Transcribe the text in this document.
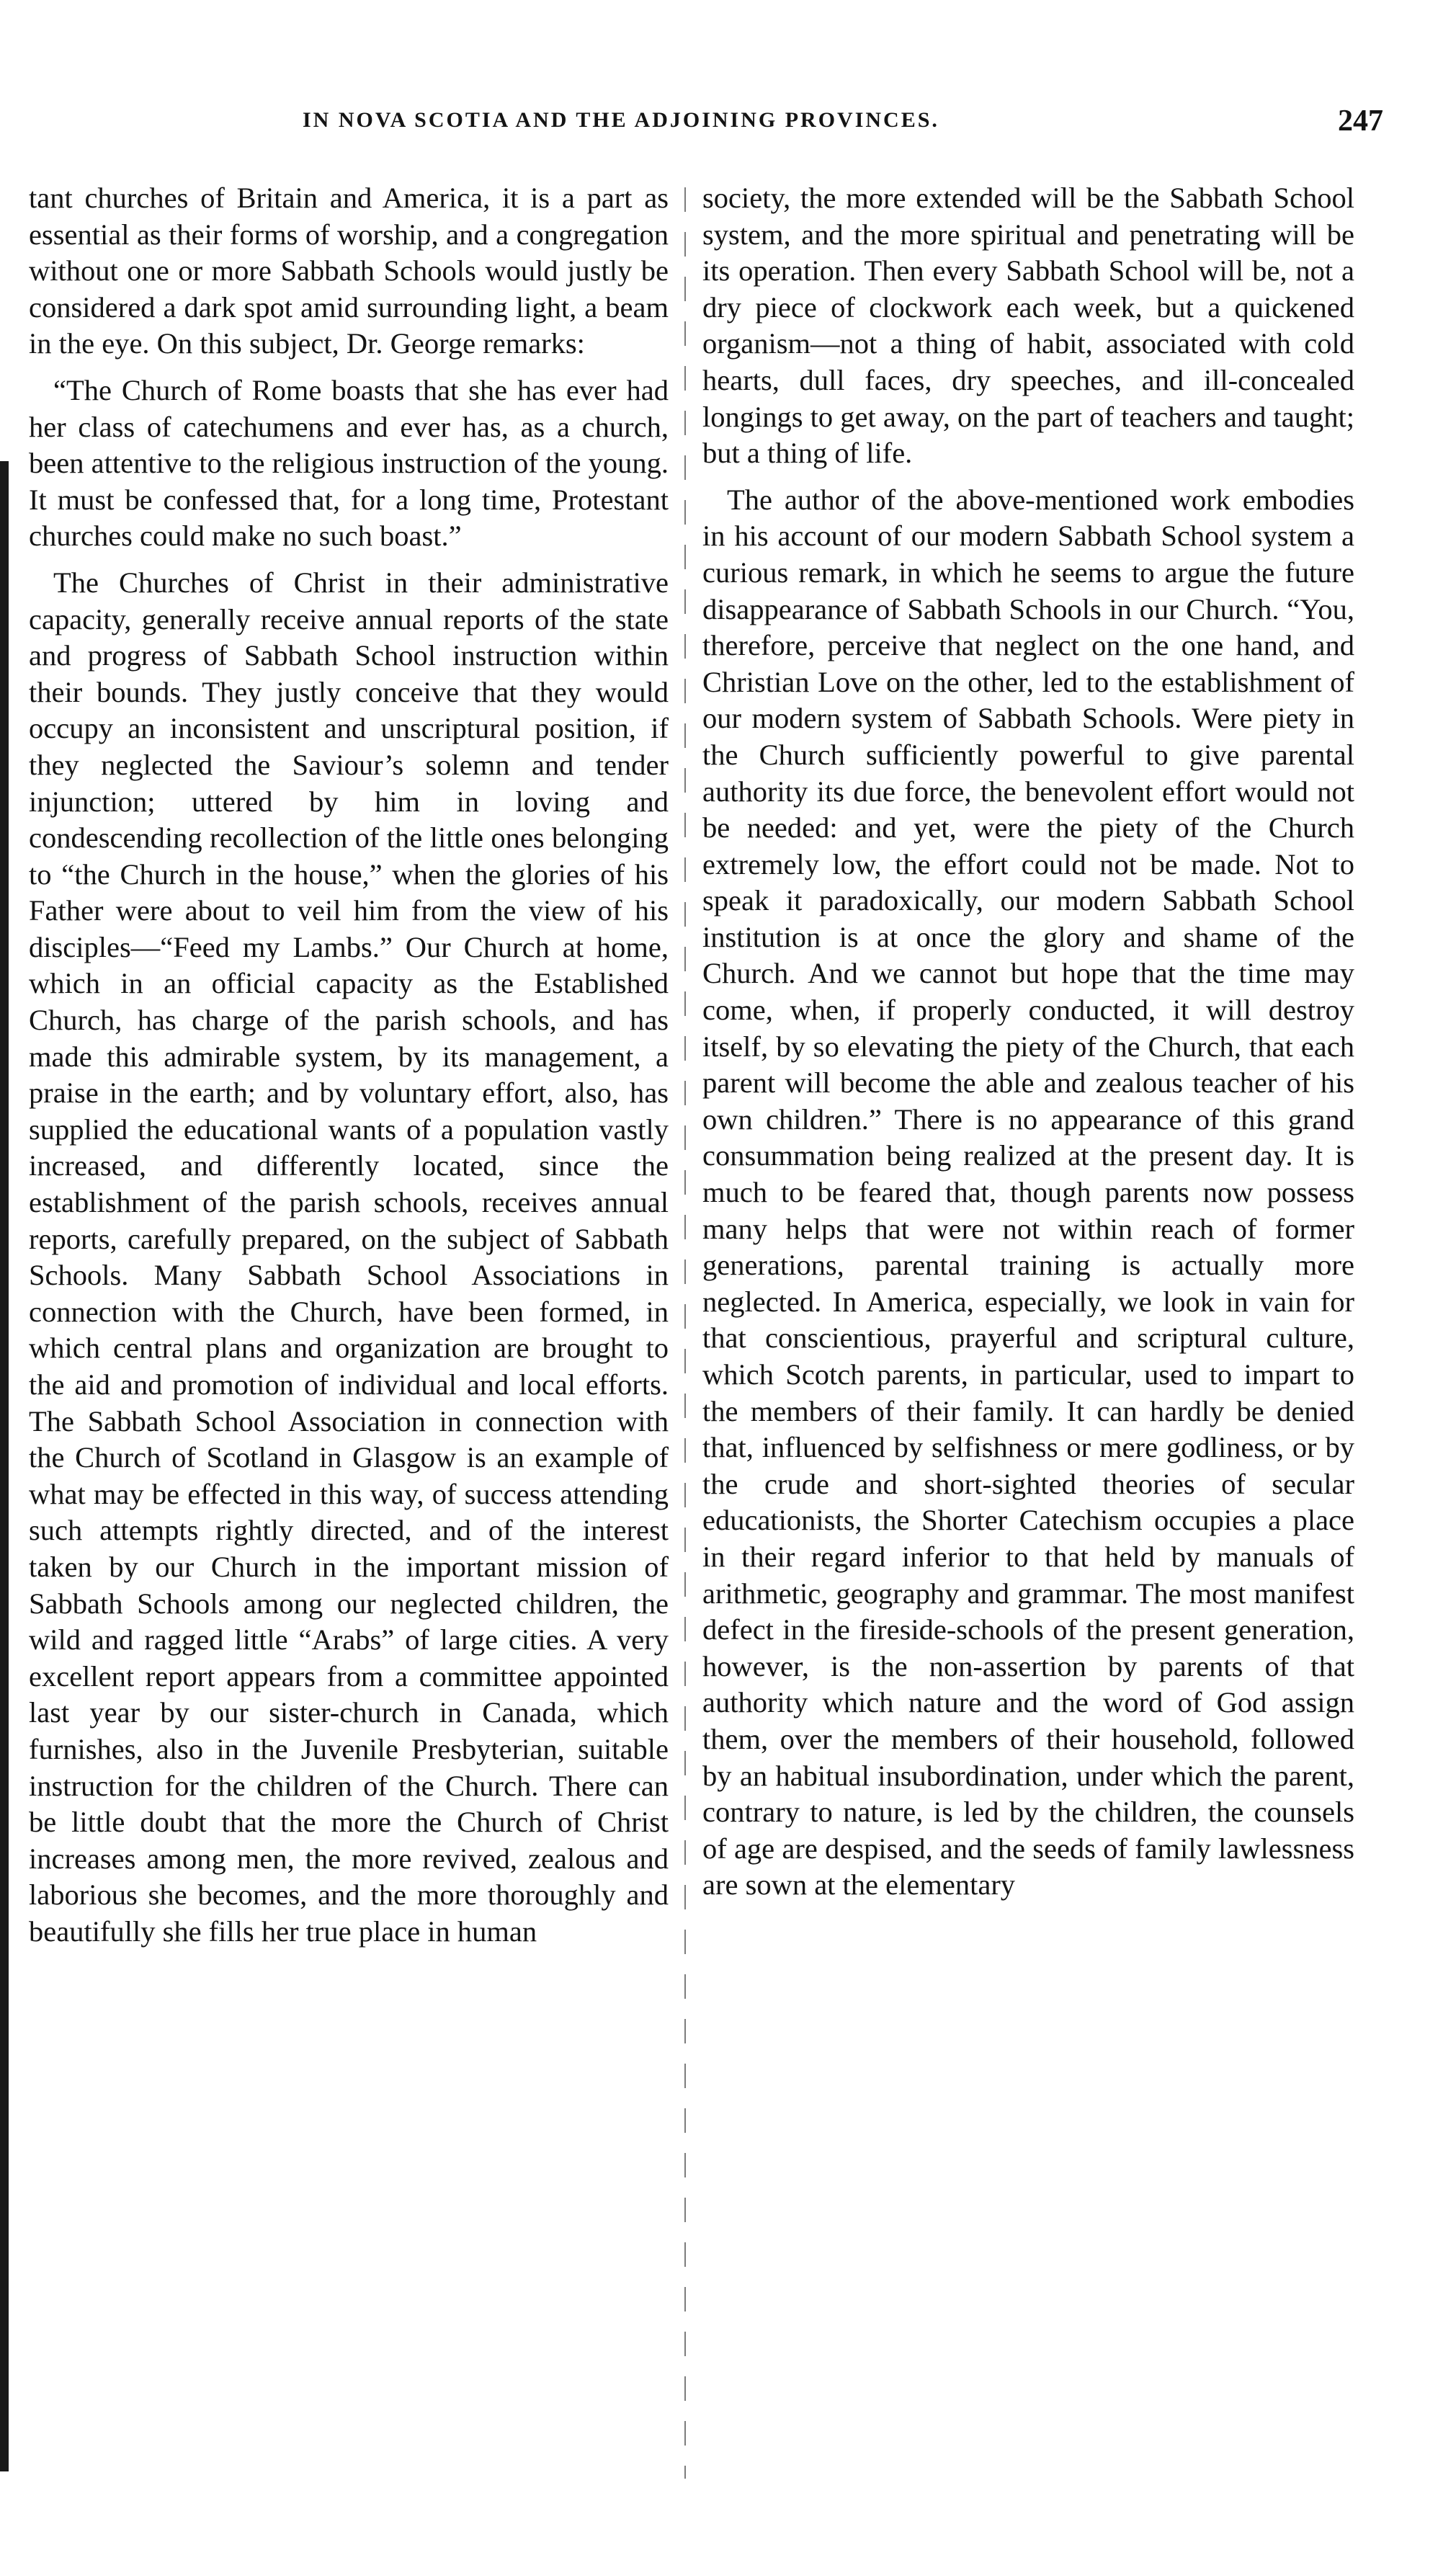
IN NOVA SCOTIA AND THE ADJOINING PROVINCES.	247

tant churches of Britain and America, it is a part as essential as their forms of worship, and a congregation without one or more Sabbath Schools would justly be considered a dark spot amid surrounding light, a beam in the eye. On this subject, Dr. George remarks:

“The Church of Rome boasts that she has ever had her class of catechumens and ever has, as a church, been attentive to the religious instruction of the young. It must be confessed that, for a long time, Protestant churches could make no such boast.”

The Churches of Christ in their administrative capacity, generally receive annual reports of the state and progress of Sabbath School instruction within their bounds. They justly conceive that they would occupy an inconsistent and unscriptural position, if they neglected the Saviour’s solemn and tender injunction; uttered by him in loving and condescending recollection of the little ones belonging to “the Church in the house,” when the glories of his Father were about to veil him from the view of his disciples—“Feed my Lambs.” Our Church at home, which in an official capacity as the Established Church, has charge of the parish schools, and has made this admirable system, by its management, a praise in the earth; and by voluntary effort, also, has supplied the educational wants of a population vastly increased, and differently located, since the establishment of the parish schools, receives annual reports, carefully prepared, on the subject of Sabbath Schools. Many Sabbath School Associations in connection with the Church, have been formed, in which central plans and organization are brought to the aid and promotion of individual and local efforts. The Sabbath School Association in connection with the Church of Scotland in Glasgow is an example of what may be effected in this way, of success attending such attempts rightly directed, and of the interest taken by our Church in the important mission of Sabbath Schools among our neglected children, the wild and ragged little “Arabs” of large cities. A very excellent report appears from a committee appointed last year by our sister-church in Canada, which furnishes, also in the Juvenile Presbyterian, suitable instruction for the children of the Church. There can be little doubt that the more the Church of Christ increases among men, the more revived, zealous and laborious she becomes, and the more thoroughly and beautifully she fills her true place in human

society, the more extended will be the Sabbath School system, and the more spiritual and penetrating will be its operation. Then every Sabbath School will be, not a dry piece of clockwork each week, but a quickened organism—not a thing of habit, associated with cold hearts, dull faces, dry speeches, and ill-concealed longings to get away, on the part of teachers and taught; but a thing of life.

The author of the above-mentioned work embodies in his account of our modern Sabbath School system a curious remark, in which he seems to argue the future disappearance of Sabbath Schools in our Church. “You, therefore, perceive that neglect on the one hand, and Christian Love on the other, led to the establishment of our modern system of Sabbath Schools. Were piety in the Church sufficiently powerful to give parental authority its due force, the benevolent effort would not be needed: and yet, were the piety of the Church extremely low, the effort could not be made. Not to speak it paradoxically, our modern Sabbath School institution is at once the glory and shame of the Church. And we cannot but hope that the time may come, when, if properly conducted, it will destroy itself, by so elevating the piety of the Church, that each parent will become the able and zealous teacher of his own children.” There is no appearance of this grand consummation being realized at the present day. It is much to be feared that, though parents now possess many helps that were not within reach of former generations, parental training is actually more neglected. In America, especially, we look in vain for that conscientious, prayerful and scriptural culture, which Scotch parents, in particular, used to impart to the members of their family. It can hardly be denied that, influenced by selfishness or mere godliness, or by the crude and short-sighted theories of secular educationists, the Shorter Catechism occupies a place in their regard inferior to that held by manuals of arithmetic, geography and grammar. The most manifest defect in the fireside-schools of the present generation, however, is the non-assertion by parents of that authority which nature and the word of God assign them, over the members of their household, followed by an habitual insubordination, under which the parent, contrary to nature, is led by the children, the counsels of age are despised, and the seeds of family lawlessness are sown at the elementary
